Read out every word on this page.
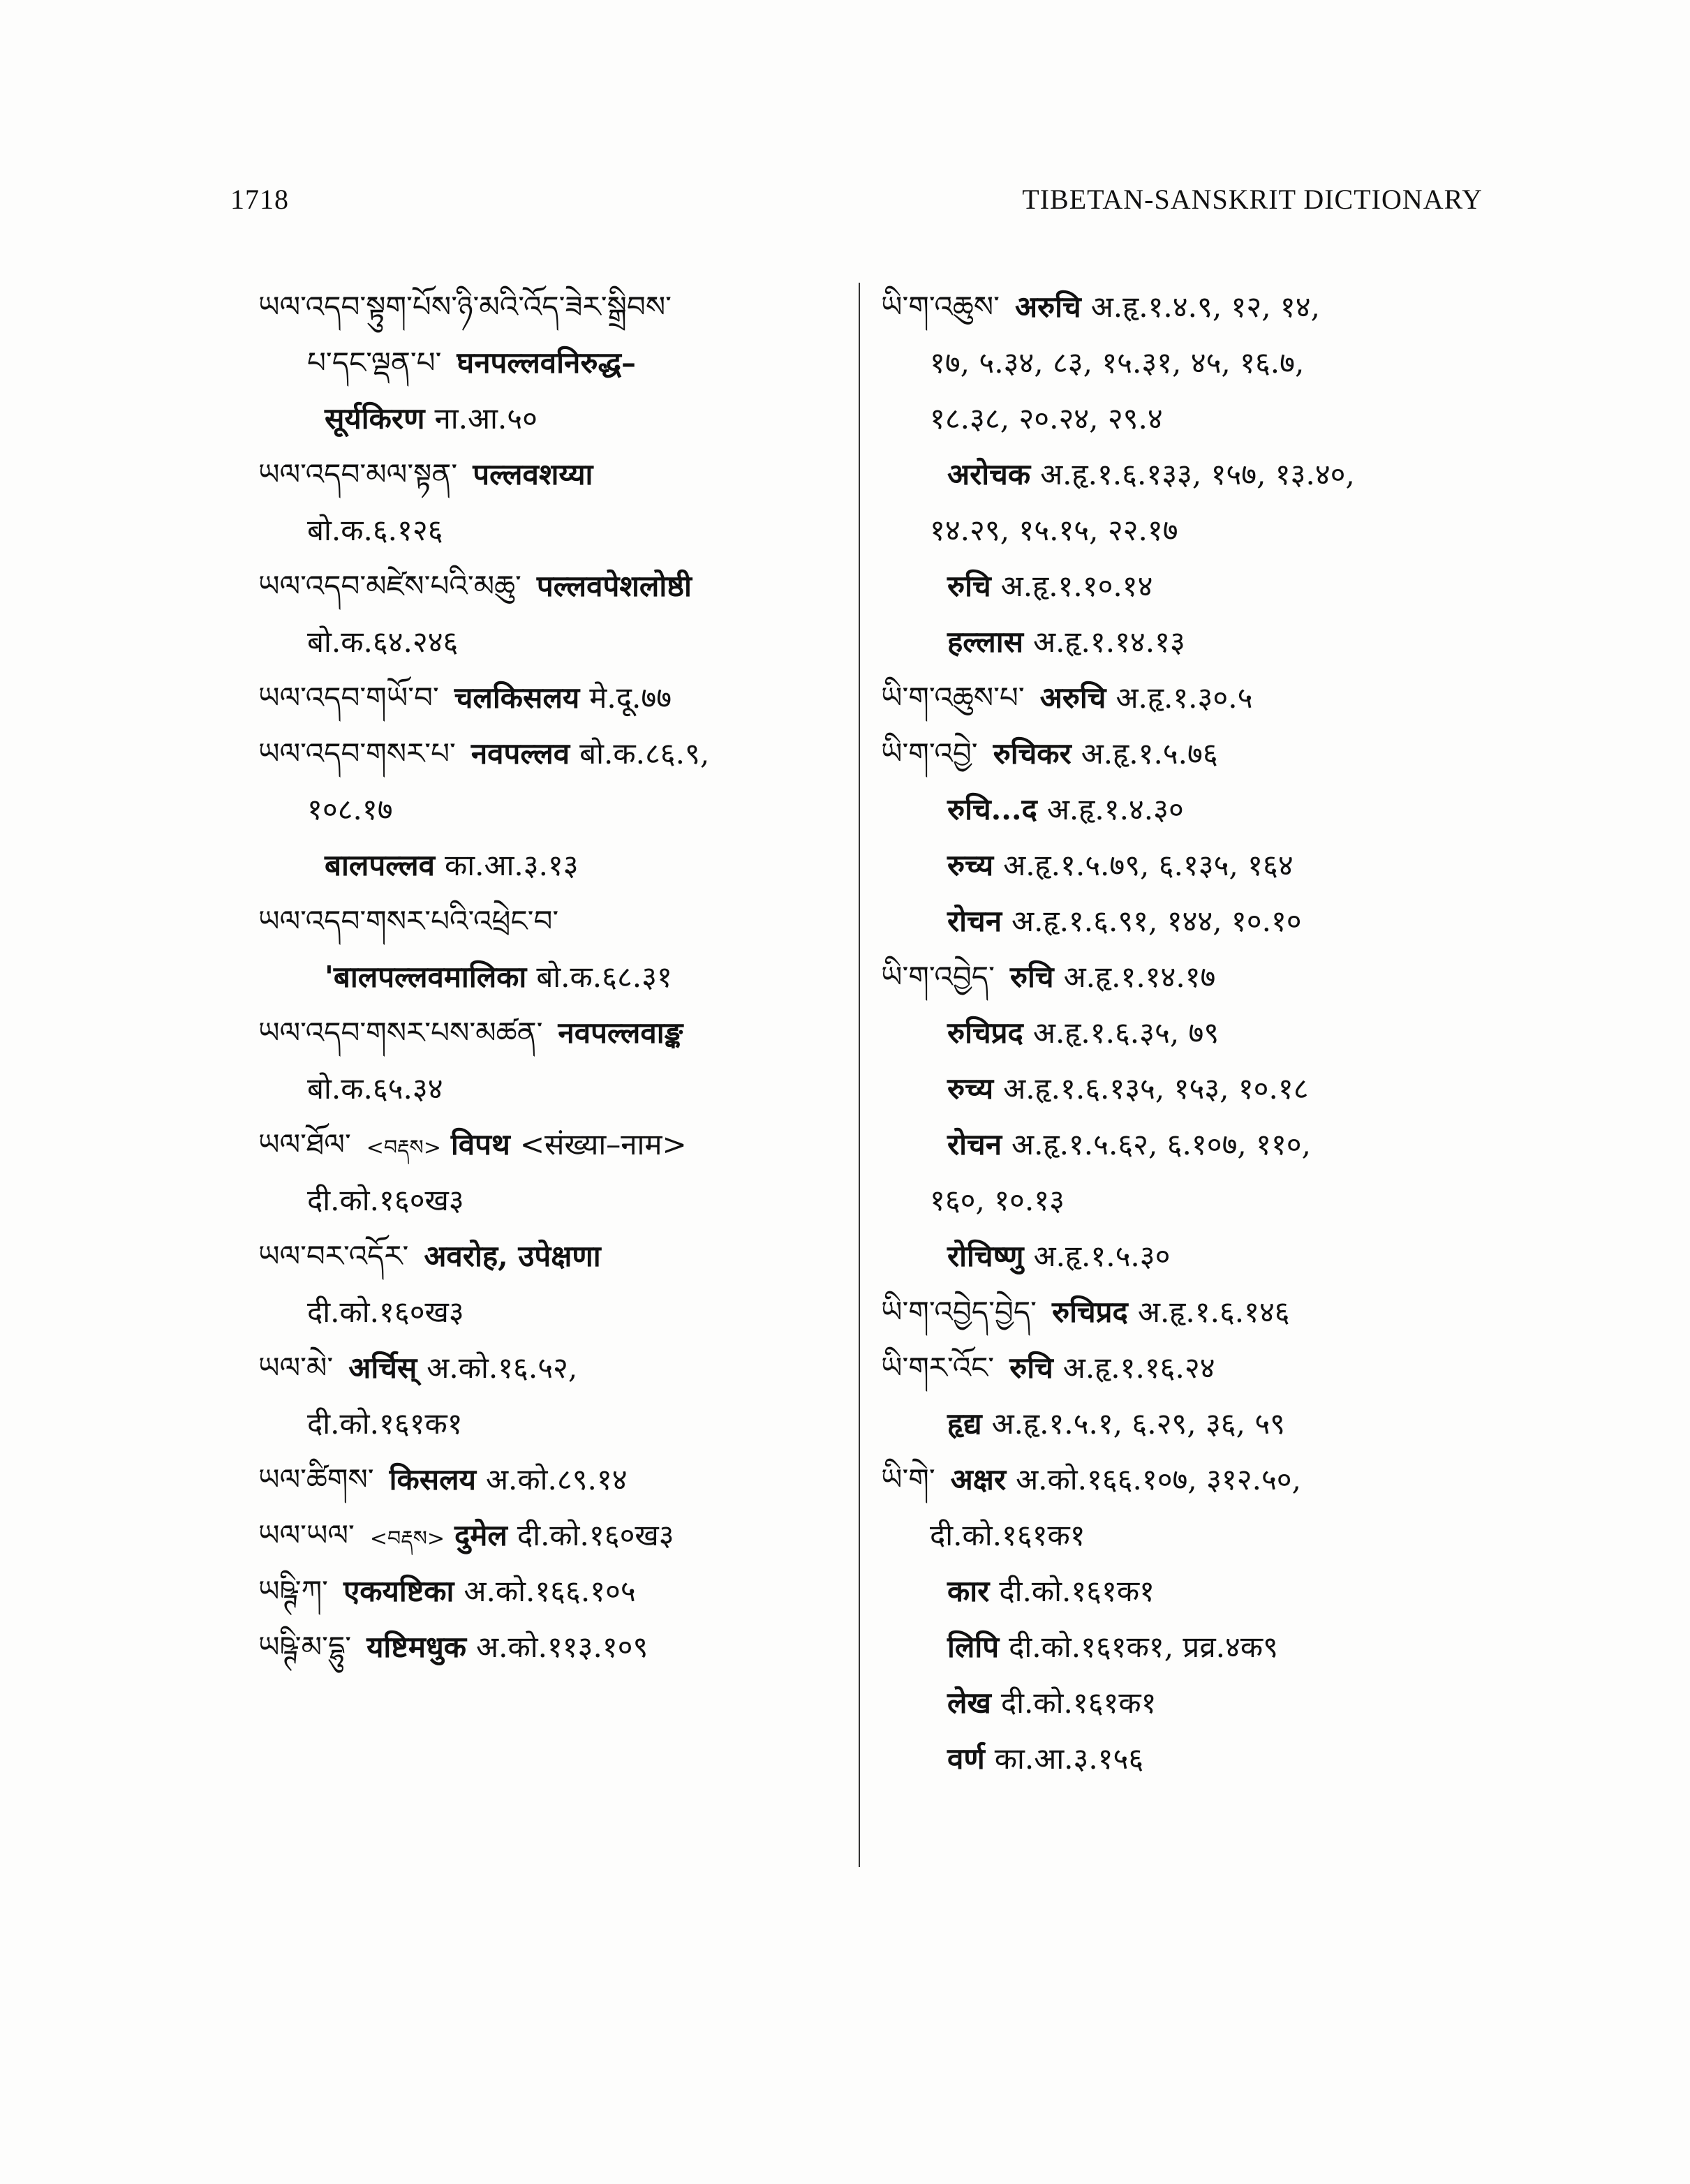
1718	TIBETAN-SANSKRIT DICTIONARY
ཡལ་འདབ་སྟུག་པོས་ཉི་མའི་འོད་ཟེར་སྒྲིབས་
པ་དང་ལྡན་པ་ घनपल्लवनिरुद्ध–
सूर्यकिरण ना.आ.५०
ཡལ་འདབ་མལ་སྟན་ पल्लवशय्या
बो.क.६.१२६
ཡལ་འདབ་མཛེས་པའི་མཆུ་ पल्लवपेशलोष्ठी
बो.क.६४.२४६
ཡལ་འདབ་གཡོ་བ་ चलकिसलय मे.दू.७७
ཡལ་འདབ་གསར་པ་ नवपल्लव बो.क.८६.९,
१०८.१७
बालपल्लव का.आ.३.१३
ཡལ་འདབ་གསར་པའི་འཕྲེང་བ་
'बालपल्लवमालिका बो.क.६८.३१
ཡལ་འདབ་གསར་པས་མཚན་ नवपल्लवाङ्क
बो.क.६५.३४
ཡལ་ཐོལ་ <བརྡས> विपथ <संख्या–नाम>
दी.को.१६०ख३
ཡལ་བར་འདོར་ अवरोह, उपेक्षणा
दी.को.१६०ख३
ཡལ་མེ་ अर्चिस् अ.को.१६.५२,
दी.को.१६१क१
ཡལ་ཚིགས་ किसलय अ.को.८९.१४
ཡལ་ཡལ་ <བརྡས> दुमेल दी.को.१६०ख३
ཡཥྚི་ཀ་ एकयष्टिका अ.को.१६६.१०५
ཡཥྚི་མ་དྷུ་ यष्टिमधुक अ.को.११३.१०९
ཡི་ག་འཆུས་ अरुचि अ.हृ.१.४.९, १२, १४,
१७, ५.३४, ८३, १५.३१, ४५, १६.७,
१८.३८, २०.२४, २९.४
अरोचक अ.हृ.१.६.१३३, १५७, १३.४०,
१४.२९, १५.१५, २२.१७
रुचि अ.हृ.१.१०.१४
हल्लास अ.हृ.१.१४.१३
ཡི་ག་འཆུས་པ་ अरुचि अ.हृ.१.३०.५
ཡི་ག་འབྱེ་ रुचिकर अ.हृ.१.५.७६
रुचि...द अ.हृ.१.४.३०
रुच्य अ.हृ.१.५.७९, ६.१३५, १६४
रोचन अ.हृ.१.६.९१, १४४, १०.१०
ཡི་ག་འབྱེད་ रुचि अ.हृ.१.१४.१७
रुचिप्रद अ.हृ.१.६.३५, ७९
रुच्य अ.हृ.१.६.१३५, १५३, १०.१८
रोचन अ.हृ.१.५.६२, ६.१०७, ११०,
१६०, १०.१३
रोचिष्णु अ.हृ.१.५.३०
ཡི་ག་འབྱེད་བྱེད་ रुचिप्रद अ.हृ.१.६.१४६
ཡི་གར་འོང་ रुचि अ.हृ.१.१६.२४
हृद्य अ.हृ.१.५.१, ६.२९, ३६, ५९
ཡི་གེ་ अक्षर अ.को.१६६.१०७, ३१२.५०,
दी.को.१६१क१
कार दी.को.१६१क१
लिपि दी.को.१६१क१, प्रव्र.४क९
लेख दी.को.१६१क१
वर्ण का.आ.३.१५६
